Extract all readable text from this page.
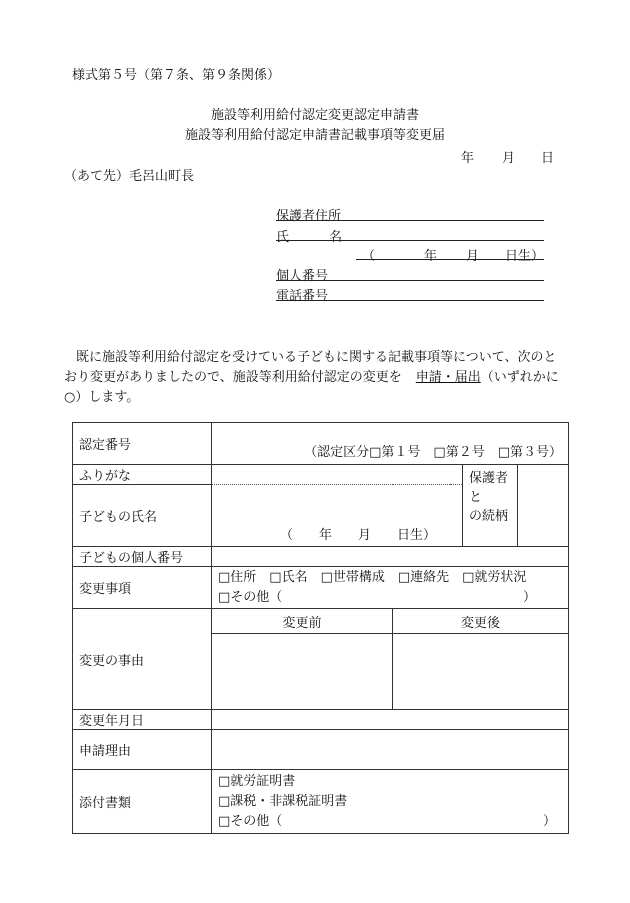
様式第５号（第７条、第９条関係）
施設等利用給付認定変更認定申請書
施設等利用給付認定申請書記載事項等変更届
年 月 日
（あて先）毛呂山町長
保護者住所
氏	名
（	年 月 日生）
個人番号
電話番号
既に施設等利用給付認定を受けている子どもに関する記載事項等について、次のと
おり変更がありましたので、施設等利用給付認定の変更を 申請・届出（いずれかに
○）します。
認定番号	（認定区分□第１号　□第２号　□第３号）			
ふりがな			保護者と
の続柄	

子どもの氏名	（　　年　　月　　日生）			
子どもの個人番号				
変更事項	□住所　□氏名　□世帯構成　□連絡先　□就労状況
□その他（ ）			

変更の事由	変更前	変更後		

変更年月日				
申請理由				
添付書類	□就労証明書
□課税・非課税証明書
□その他（ ）			
